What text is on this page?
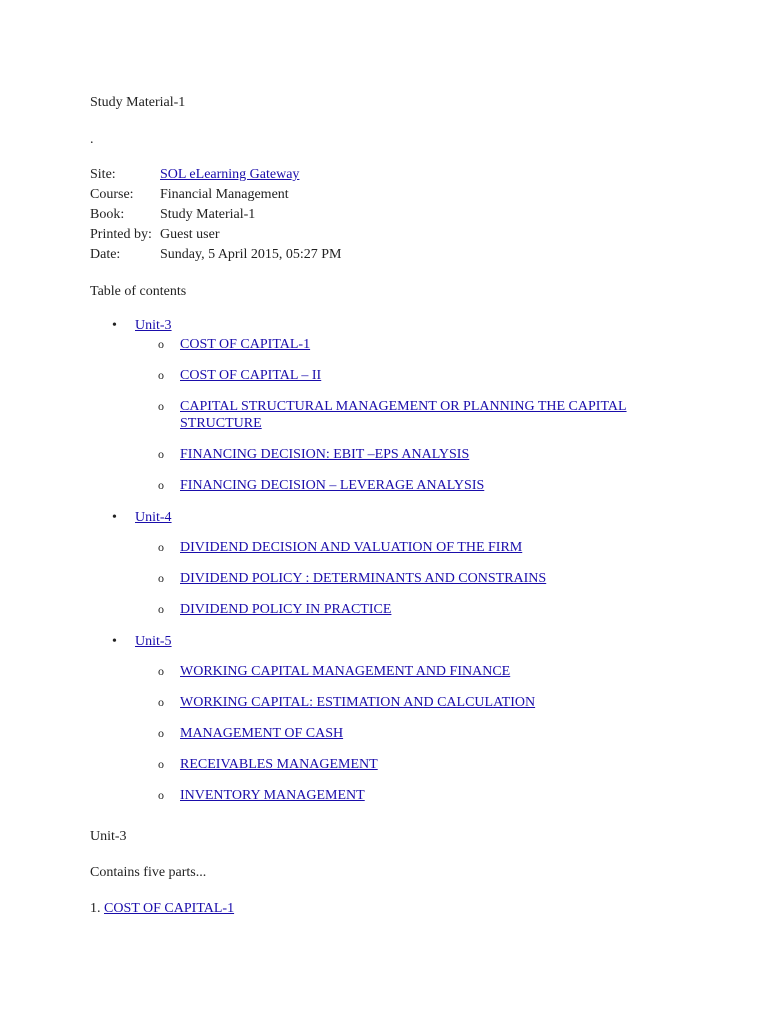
Study Material-1
.
Site:	SOL eLearning Gateway
Course:	Financial Management
Book:	Study Material-1
Printed by:	Guest user
Date:	Sunday, 5 April 2015, 05:27 PM
Table of contents
• Unit-3
o COST OF CAPITAL-1
o COST OF CAPITAL – II
o CAPITAL STRUCTURAL MANAGEMENT OR PLANNING THE CAPITAL STRUCTURE
o FINANCING DECISION: EBIT –EPS ANALYSIS
o FINANCING DECISION – LEVERAGE ANALYSIS
• Unit-4
o DIVIDEND DECISION AND VALUATION OF THE FIRM
o DIVIDEND POLICY : DETERMINANTS AND CONSTRAINS
o DIVIDEND POLICY IN PRACTICE
• Unit-5
o WORKING CAPITAL MANAGEMENT AND FINANCE
o WORKING CAPITAL: ESTIMATION AND CALCULATION
o MANAGEMENT OF CASH
o RECEIVABLES MANAGEMENT
o INVENTORY MANAGEMENT
Unit-3
Contains five parts...
1. COST OF CAPITAL-1
